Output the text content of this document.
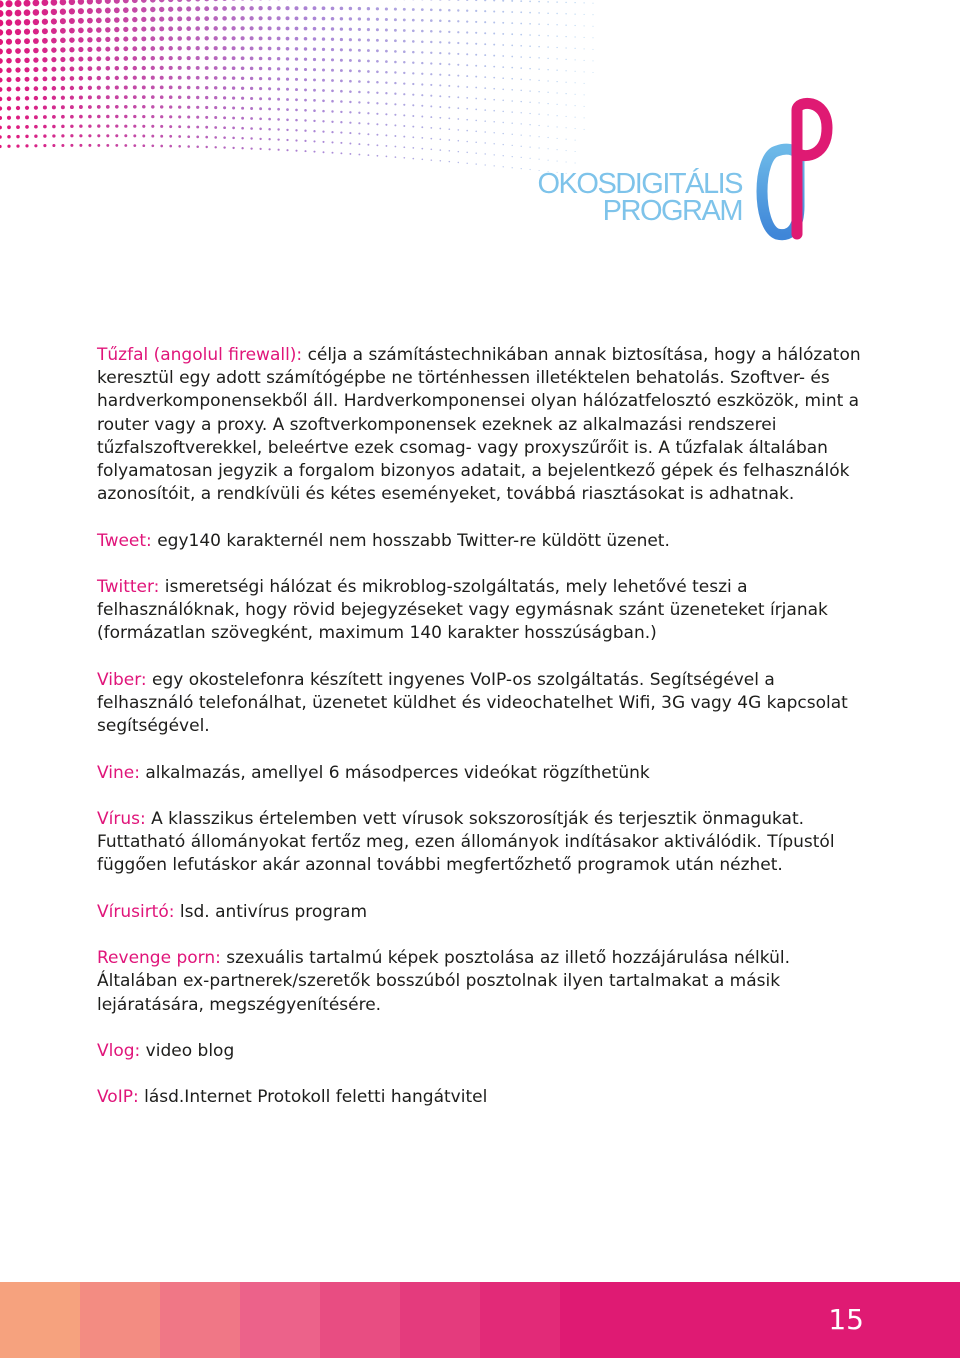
OKOSDIGITÁLIS
PROGRAM

Tűzfal (angolul firewall): célja a számítástechnikában annak biztosítása, hogy a hálózaton keresztül egy adott számítógépbe ne történhessen illetéktelen behatolás. Szoftver- és hardverkomponensekből áll. Hardverkomponensei olyan hálózatfelosztó eszközök, mint a router vagy a proxy. A szoftverkomponensek ezeknek az alkalmazási rendszerei tűzfalszoftverekkel, beleértve ezek csomag- vagy proxyszűrőit is. A tűzfalak általában folyamatosan jegyzik a forgalom bizonyos adatait, a bejelentkező gépek és felhasználók azonosítóit, a rendkívüli és kétes eseményeket, továbbá riasztásokat is adhatnak.

Tweet: egy140 karakternél nem hosszabb Twitter-re küldött üzenet.

Twitter: ismeretségi hálózat és mikroblog-szolgáltatás, mely lehetővé teszi a felhasználóknak, hogy rövid bejegyzéseket vagy egymásnak szánt üzeneteket írjanak (formázatlan szövegként, maximum 140 karakter hosszúságban.)

Viber: egy okostelefonra készített ingyenes VoIP-os szolgáltatás. Segítségével a felhasználó telefonálhat, üzenetet küldhet és videochatelhet Wifi, 3G vagy 4G kapcsolat segítségével.

Vine: alkalmazás, amellyel 6 másodperces videókat rögzíthetünk

Vírus: A klasszikus értelemben vett vírusok sokszorosítják és terjesztik önmagukat. Futtatható állományokat fertőz meg, ezen állományok indításakor aktiválódik. Típustól függően lefutáskor akár azonnal további megfertőzhető programok után nézhet.

Vírusirtó: lsd. antivírus program

Revenge porn: szexuális tartalmú képek posztolása az illető hozzájárulása nélkül. Általában ex-partnerek/szeretők bosszúból posztolnak ilyen tartalmakat a másik lejáratására, megszégyenítésére.

Vlog: video blog

VoIP: lásd.Internet Protokoll feletti hangátvitel

15
